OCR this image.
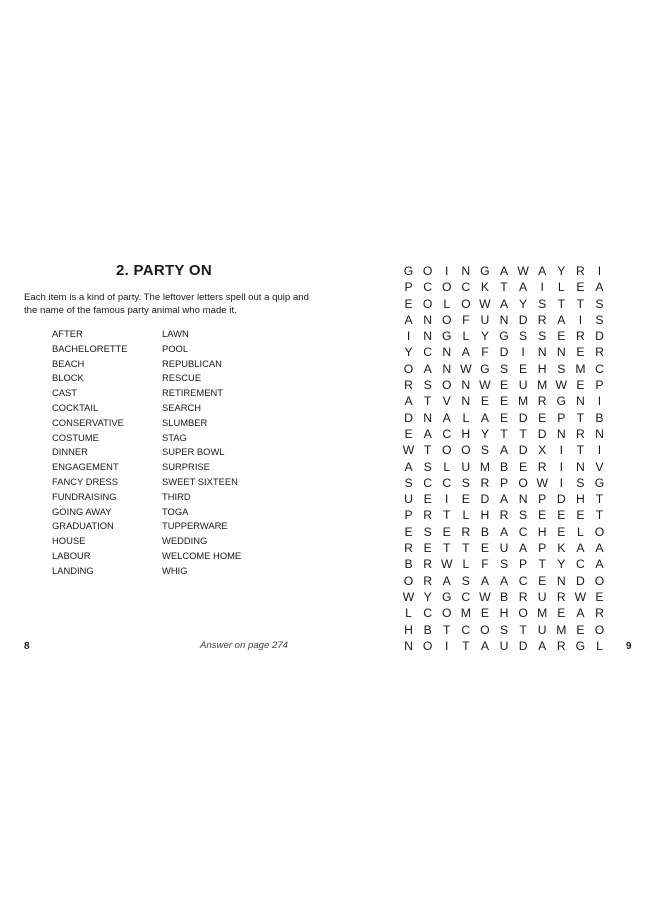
2. PARTY ON
Each item is a kind of party. The leftover letters spell out a quip and the name of the famous party animal who made it.
AFTER	LAWN
BACHELORETTE	POOL
BEACH	REPUBLICAN
BLOCK	RESCUE
CAST	RETIREMENT
COCKTAIL	SEARCH
CONSERVATIVE	SLUMBER
COSTUME	STAG
DINNER	SUPER BOWL
ENGAGEMENT	SURPRISE
FANCY DRESS	SWEET SIXTEEN
FUNDRAISING	THIRD
GOING AWAY	TOGA
GRADUATION	TUPPERWARE
HOUSE	WEDDING
LABOUR	WELCOME HOME
LANDING	WHIG
8	Answer on page 274	9
G O	I	N G A W A Y R	I
P C O C K T A	I	L E A
E O L O W A Y S T T S
A N O F U N D R A	I	S
I	N G L Y G S S E R D
Y C N A F D	I	N N E R
O A N W G S E H S M C
R S O N W E U M W E P
A T V N E E M R G N	I
D N A L A E D E P T B
E A C H Y T T D N R N
W T O O S A D X	I	T	I
A S L U M B E R	I	N V
S C C S R P O W I	S G
U E	I	E D A N P D H T
P R T L H R S E E E T
E S E R B A C H E L O
R E T T E U A P K A A
B R W L F S P T Y C A
O R A S A A C E N D O
W Y G C W B R U R W E
L C O M E H O M E A R
H B T C O S T U M E O
N O	I	T A U D A R G L
